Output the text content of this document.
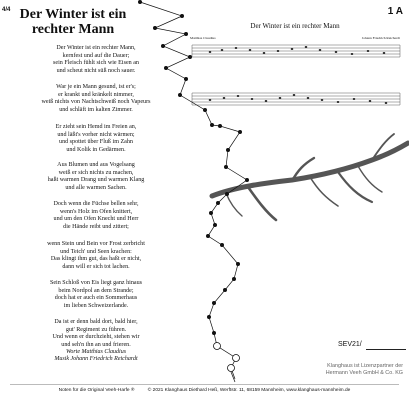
4/4 Der Winter ist ein rechter Mann
1 A
Der Winter ist ein rechter Mann
Matthias Claudius	Johann Friedrich Reichardt
Der Winter ist ein rechter Mann,
kernfest und auf die Dauer;
sein Fleisch fühlt sich wie Eisen an
und scheut nicht süß noch sauer.
War je ein Mann gesund, ist er's;
er krankt und kränkelt nimmer,
weiß nichts von Nachtschweiß noch Vapeurs
und schläft im kalten Zimmer.
Er zieht sein Hemd im Freien an,
und läßt's vorher nicht wärmen;
und spottet über Fluß im Zahn
und Kolik in Gedärmen.
Aus Blumen und aus Vogelsang
weiß er sich nichts zu machen,
haßt warmen Drang und warmen Klang
und alle warmen Sachen.
Doch wenn die Füchse bellen sehr,
wenn's Holz im Ofen knittert,
und um den Ofen Knecht und Herr
die Hände reibt und zittert;
wenn Stein und Bein vor Frost zerbricht
und Teich' und Seen krachen:
Das klingt ihm gut, das haßt er nicht,
dann will er sich tot lachen.
Sein Schloß von Eis liegt ganz hinaus
beim Nordpol an dem Strande;
doch hat er auch ein Sommerhaus
im lieben Schweizerlande.
Da ist er denn bald dort, bald hier,
gut' Regiment zu führen.
Und wenn er durchzieht, stehen wir
und seh'n ihn an und frieren.
Worte Matthias Claudius
Musik Johann Friedrich Reichardt
SEV21/
Klanghaus ist Lizenzpartner der
Hermann Veeh GmbH & Co. KG
Noten für die Original Veeh-Harfe ®	© 2021 Klanghaus Diethard Heß, Werftstr. 11, 68159 Mannheim, www.klanghaus-mannheim.de
